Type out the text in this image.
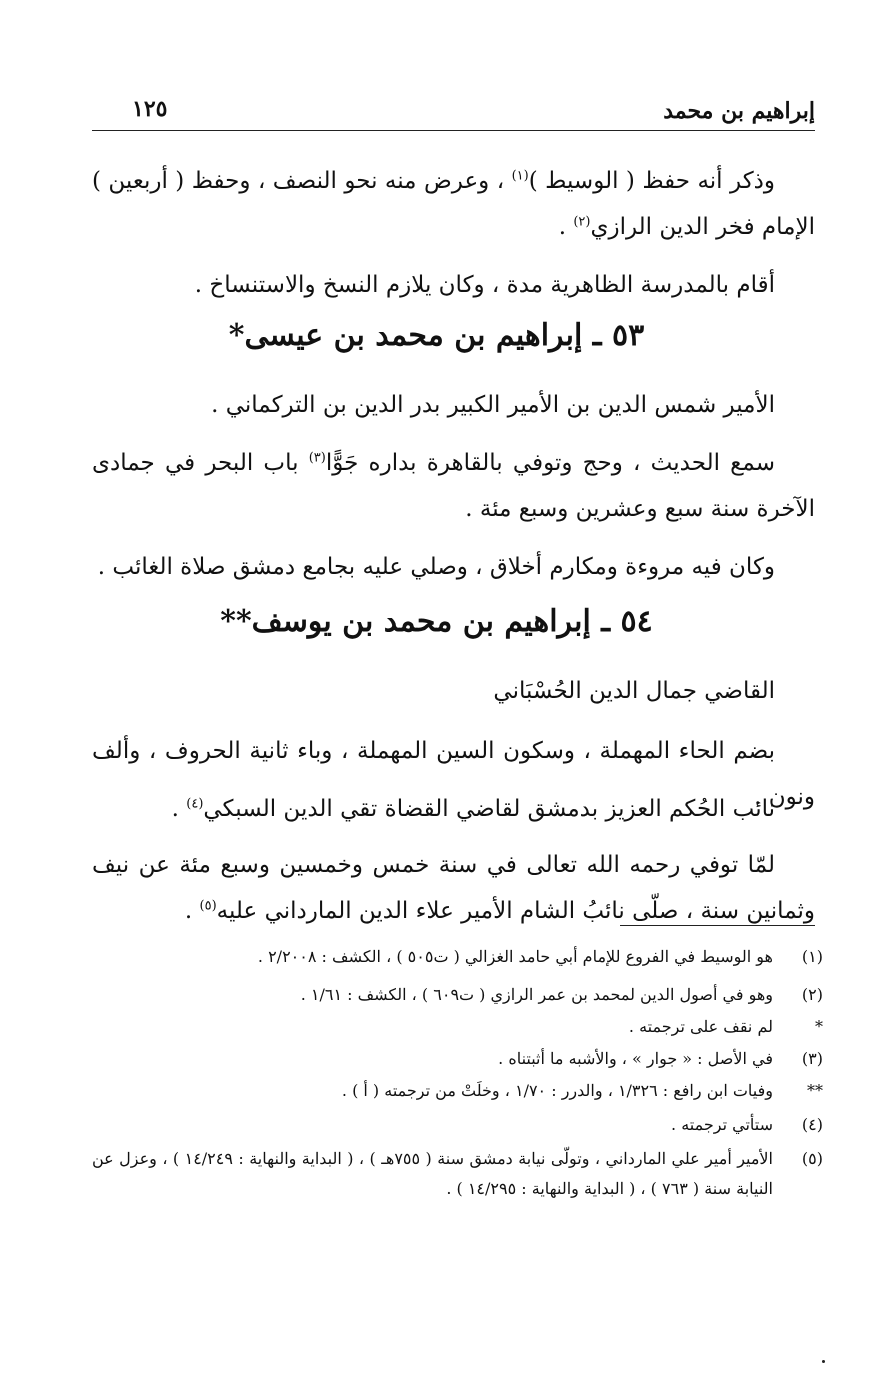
إبراهيم بن محمد
١٢٥
وذكر أنه حفظ ( الوسيط )$^{(١)}$ ، وعرض منه نحو النصف ، وحفظ ( أربعين ) الإمام فخر الدين الرازي$^{(٢)}$ .
أقام بالمدرسة الظاهرية مدة ، وكان يلازم النسخ والاستنساخ .
٥٣ ـ إبراهيم بن محمد بن عيسى*
الأمير شمس الدين بن الأمير الكبير بدر الدين بن التركماني .
سمع الحديث ، وحج وتوفي بالقاهرة بداره جَوًّا$^{(٣)}$ باب البحر في جمادى الآخرة سنة سبع وعشرين وسبع مئة .
وكان فيه مروءة ومكارم أخلاق ، وصلي عليه بجامع دمشق صلاة الغائب .
٥٤ ـ إبراهيم بن محمد بن يوسف**
القاضي جمال الدين الحُسْبَاني
بضم الحاء المهملة ، وسكون السين المهملة ، وباء ثانية الحروف ، وألف ونون .
نائب الحُكم العزيز بدمشق لقاضي القضاة تقي الدين السبكي$^{(٤)}$ .
لمّا توفي رحمه الله تعالى في سنة خمس وخمسين وسبع مئة عن نيف وثمانين سنة ، صلّى نائبُ الشام الأمير علاء الدين المارداني عليه$^{(٥)}$ .
(١)
هو الوسيط في الفروع للإمام أبي حامد الغزالي ( ت٥٠٥ ) ، الكشف : ٢/٢٠٠٨ .
(٢)
وهو في أصول الدين لمحمد بن عمر الرازي ( ت٦٠٩ ) ، الكشف : ١/٦١ .
*
لم نقف على ترجمته .
(٣)
في الأصل : « جوار » ، والأشبه ما أثبتناه .
**
وفيات ابن رافع : ١/٣٢٦ ، والدرر : ١/٧٠ ، وخلَتْ من ترجمته ( أ ) .
(٤)
ستأتي ترجمته .
(٥)
الأمير أمير علي المارداني ، وتولّى نيابة دمشق سنة ( ٧٥٥هـ ) ، ( البداية والنهاية : ١٤/٢٤٩ ) ، وعزل عن النيابة سنة ( ٧٦٣ ) ، ( البداية والنهاية : ١٤/٢٩٥ ) .
